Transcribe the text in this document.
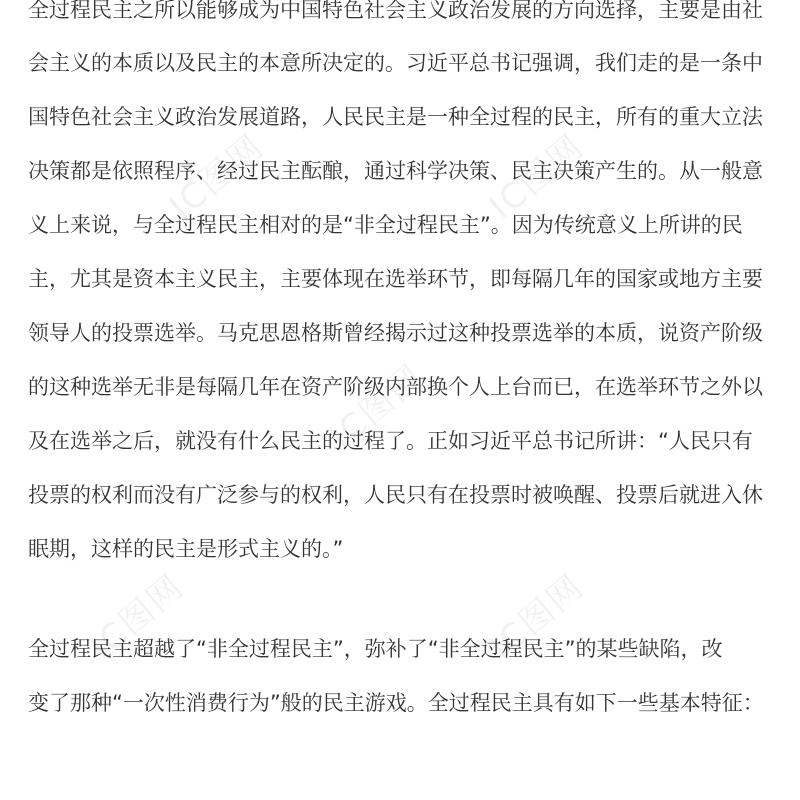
IC图网	IC图网
IC图网
IC图网	IC图网
全过程民主之所以能够成为中国特色社会主义政治发展的方向选择，主要是由社
会主义的本质以及民主的本意所决定的。习近平总书记强调，我们走的是一条中
国特色社会主义政治发展道路，人民民主是一种全过程的民主，所有的重大立法
决策都是依照程序、经过民主酝酿，通过科学决策、民主决策产生的。从一般意
义上来说，与全过程民主相对的是“非全过程民主”。因为传统意义上所讲的民
主，尤其是资本主义民主，主要体现在选举环节，即每隔几年的国家或地方主要
领导人的投票选举。马克思恩格斯曾经揭示过这种投票选举的本质，说资产阶级
的这种选举无非是每隔几年在资产阶级内部换个人上台而已，在选举环节之外以
及在选举之后，就没有什么民主的过程了。正如习近平总书记所讲：“人民只有
投票的权利而没有广泛参与的权利，人民只有在投票时被唤醒、投票后就进入休
眠期，这样的民主是形式主义的。”
全过程民主超越了“非全过程民主”，弥补了“非全过程民主”的某些缺陷，改
变了那种“一次性消费行为”般的民主游戏。全过程民主具有如下一些基本特征：
